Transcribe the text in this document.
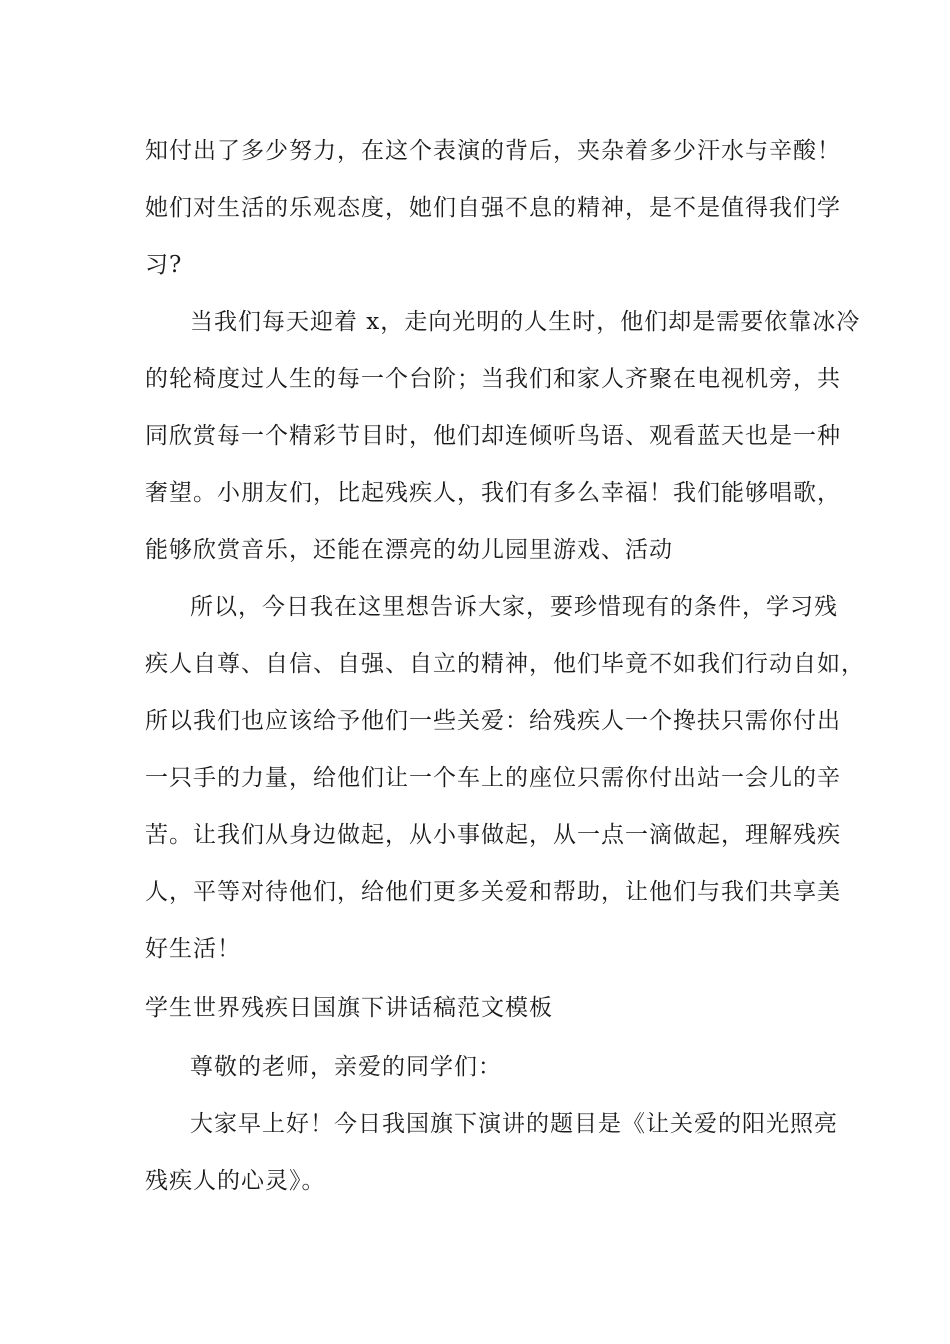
知付出了多少努力，在这个表演的背后，夹杂着多少汗水与辛酸！

她们对生活的乐观态度，她们自强不息的精神，是不是值得我们学

习?

当我们每天迎着 x，走向光明的人生时，他们却是需要依靠冰冷

的轮椅度过人生的每一个台阶；当我们和家人齐聚在电视机旁，共

同欣赏每一个精彩节目时，他们却连倾听鸟语、观看蓝天也是一种

奢望。小朋友们，比起残疾人，我们有多么幸福！我们能够唱歌，

能够欣赏音乐，还能在漂亮的幼儿园里游戏、活动

所以，今日我在这里想告诉大家，要珍惜现有的条件，学习残

疾人自尊、自信、自强、自立的精神，他们毕竟不如我们行动自如，

所以我们也应该给予他们一些关爱：给残疾人一个搀扶只需你付出

一只手的力量，给他们让一个车上的座位只需你付出站一会儿的辛

苦。让我们从身边做起，从小事做起，从一点一滴做起，理解残疾

人，平等对待他们，给他们更多关爱和帮助，让他们与我们共享美

好生活！

学生世界残疾日国旗下讲话稿范文模板

尊敬的老师，亲爱的同学们：

大家早上好！今日我国旗下演讲的题目是《让关爱的阳光照亮

残疾人的心灵》。
